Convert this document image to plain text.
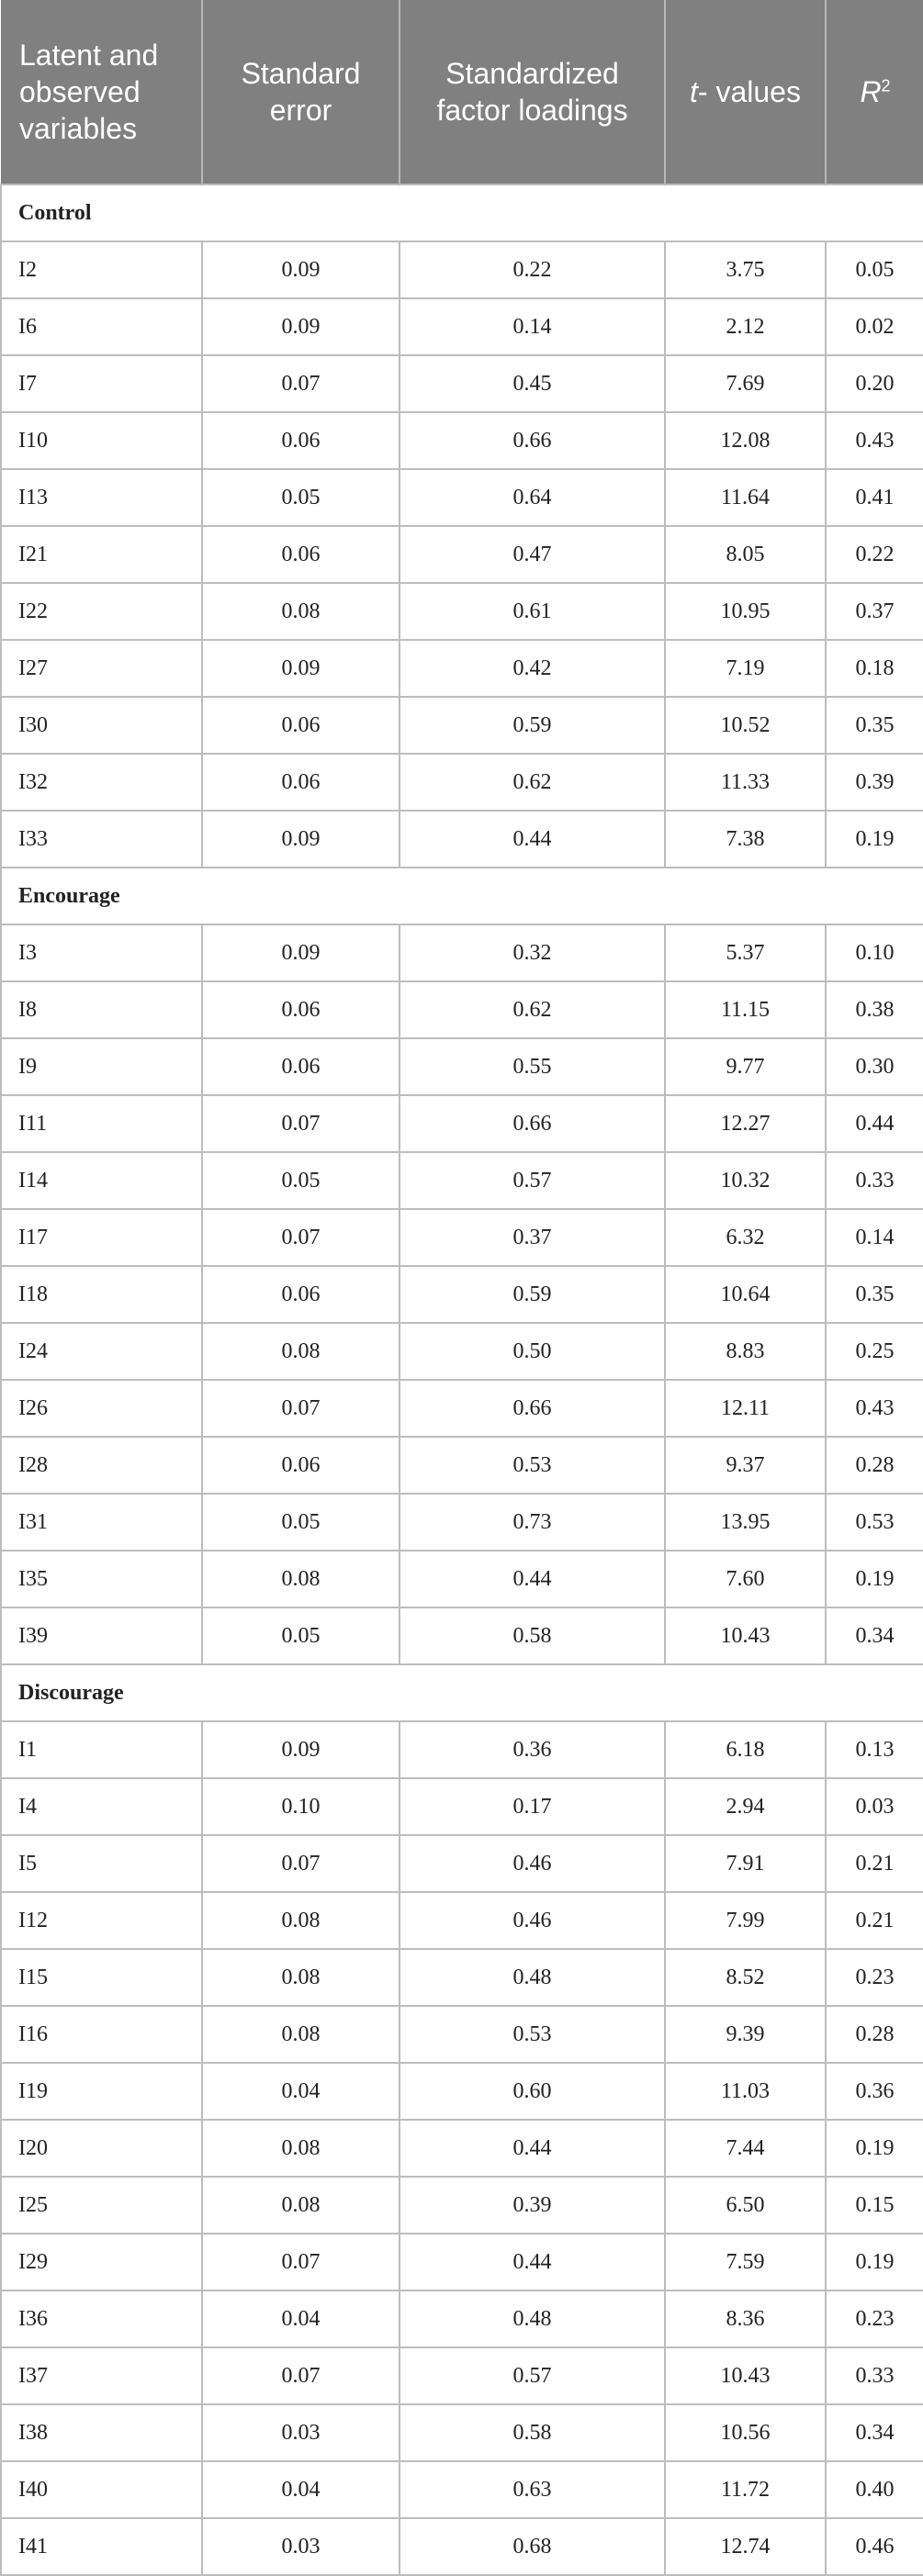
Latent and observed variables	Standard error	Standardized factor loadings	t- values	$R^2$
Control				
I2	0.09	0.22	3.75	0.05
I6	0.09	0.14	2.12	0.02
I7	0.07	0.45	7.69	0.20
I10	0.06	0.66	12.08	0.43
I13	0.05	0.64	11.64	0.41
I21	0.06	0.47	8.05	0.22
I22	0.08	0.61	10.95	0.37
I27	0.09	0.42	7.19	0.18
I30	0.06	0.59	10.52	0.35
I32	0.06	0.62	11.33	0.39
I33	0.09	0.44	7.38	0.19
Encourage				
I3	0.09	0.32	5.37	0.10
I8	0.06	0.62	11.15	0.38
I9	0.06	0.55	9.77	0.30
I11	0.07	0.66	12.27	0.44
I14	0.05	0.57	10.32	0.33
I17	0.07	0.37	6.32	0.14
I18	0.06	0.59	10.64	0.35
I24	0.08	0.50	8.83	0.25
I26	0.07	0.66	12.11	0.43
I28	0.06	0.53	9.37	0.28
I31	0.05	0.73	13.95	0.53
I35	0.08	0.44	7.60	0.19
I39	0.05	0.58	10.43	0.34
Discourage				
I1	0.09	0.36	6.18	0.13
I4	0.10	0.17	2.94	0.03
I5	0.07	0.46	7.91	0.21
I12	0.08	0.46	7.99	0.21
I15	0.08	0.48	8.52	0.23
I16	0.08	0.53	9.39	0.28
I19	0.04	0.60	11.03	0.36
I20	0.08	0.44	7.44	0.19
I25	0.08	0.39	6.50	0.15
I29	0.07	0.44	7.59	0.19
I36	0.04	0.48	8.36	0.23
I37	0.07	0.57	10.43	0.33
I38	0.03	0.58	10.56	0.34
I40	0.04	0.63	11.72	0.40
I41	0.03	0.68	12.74	0.46
